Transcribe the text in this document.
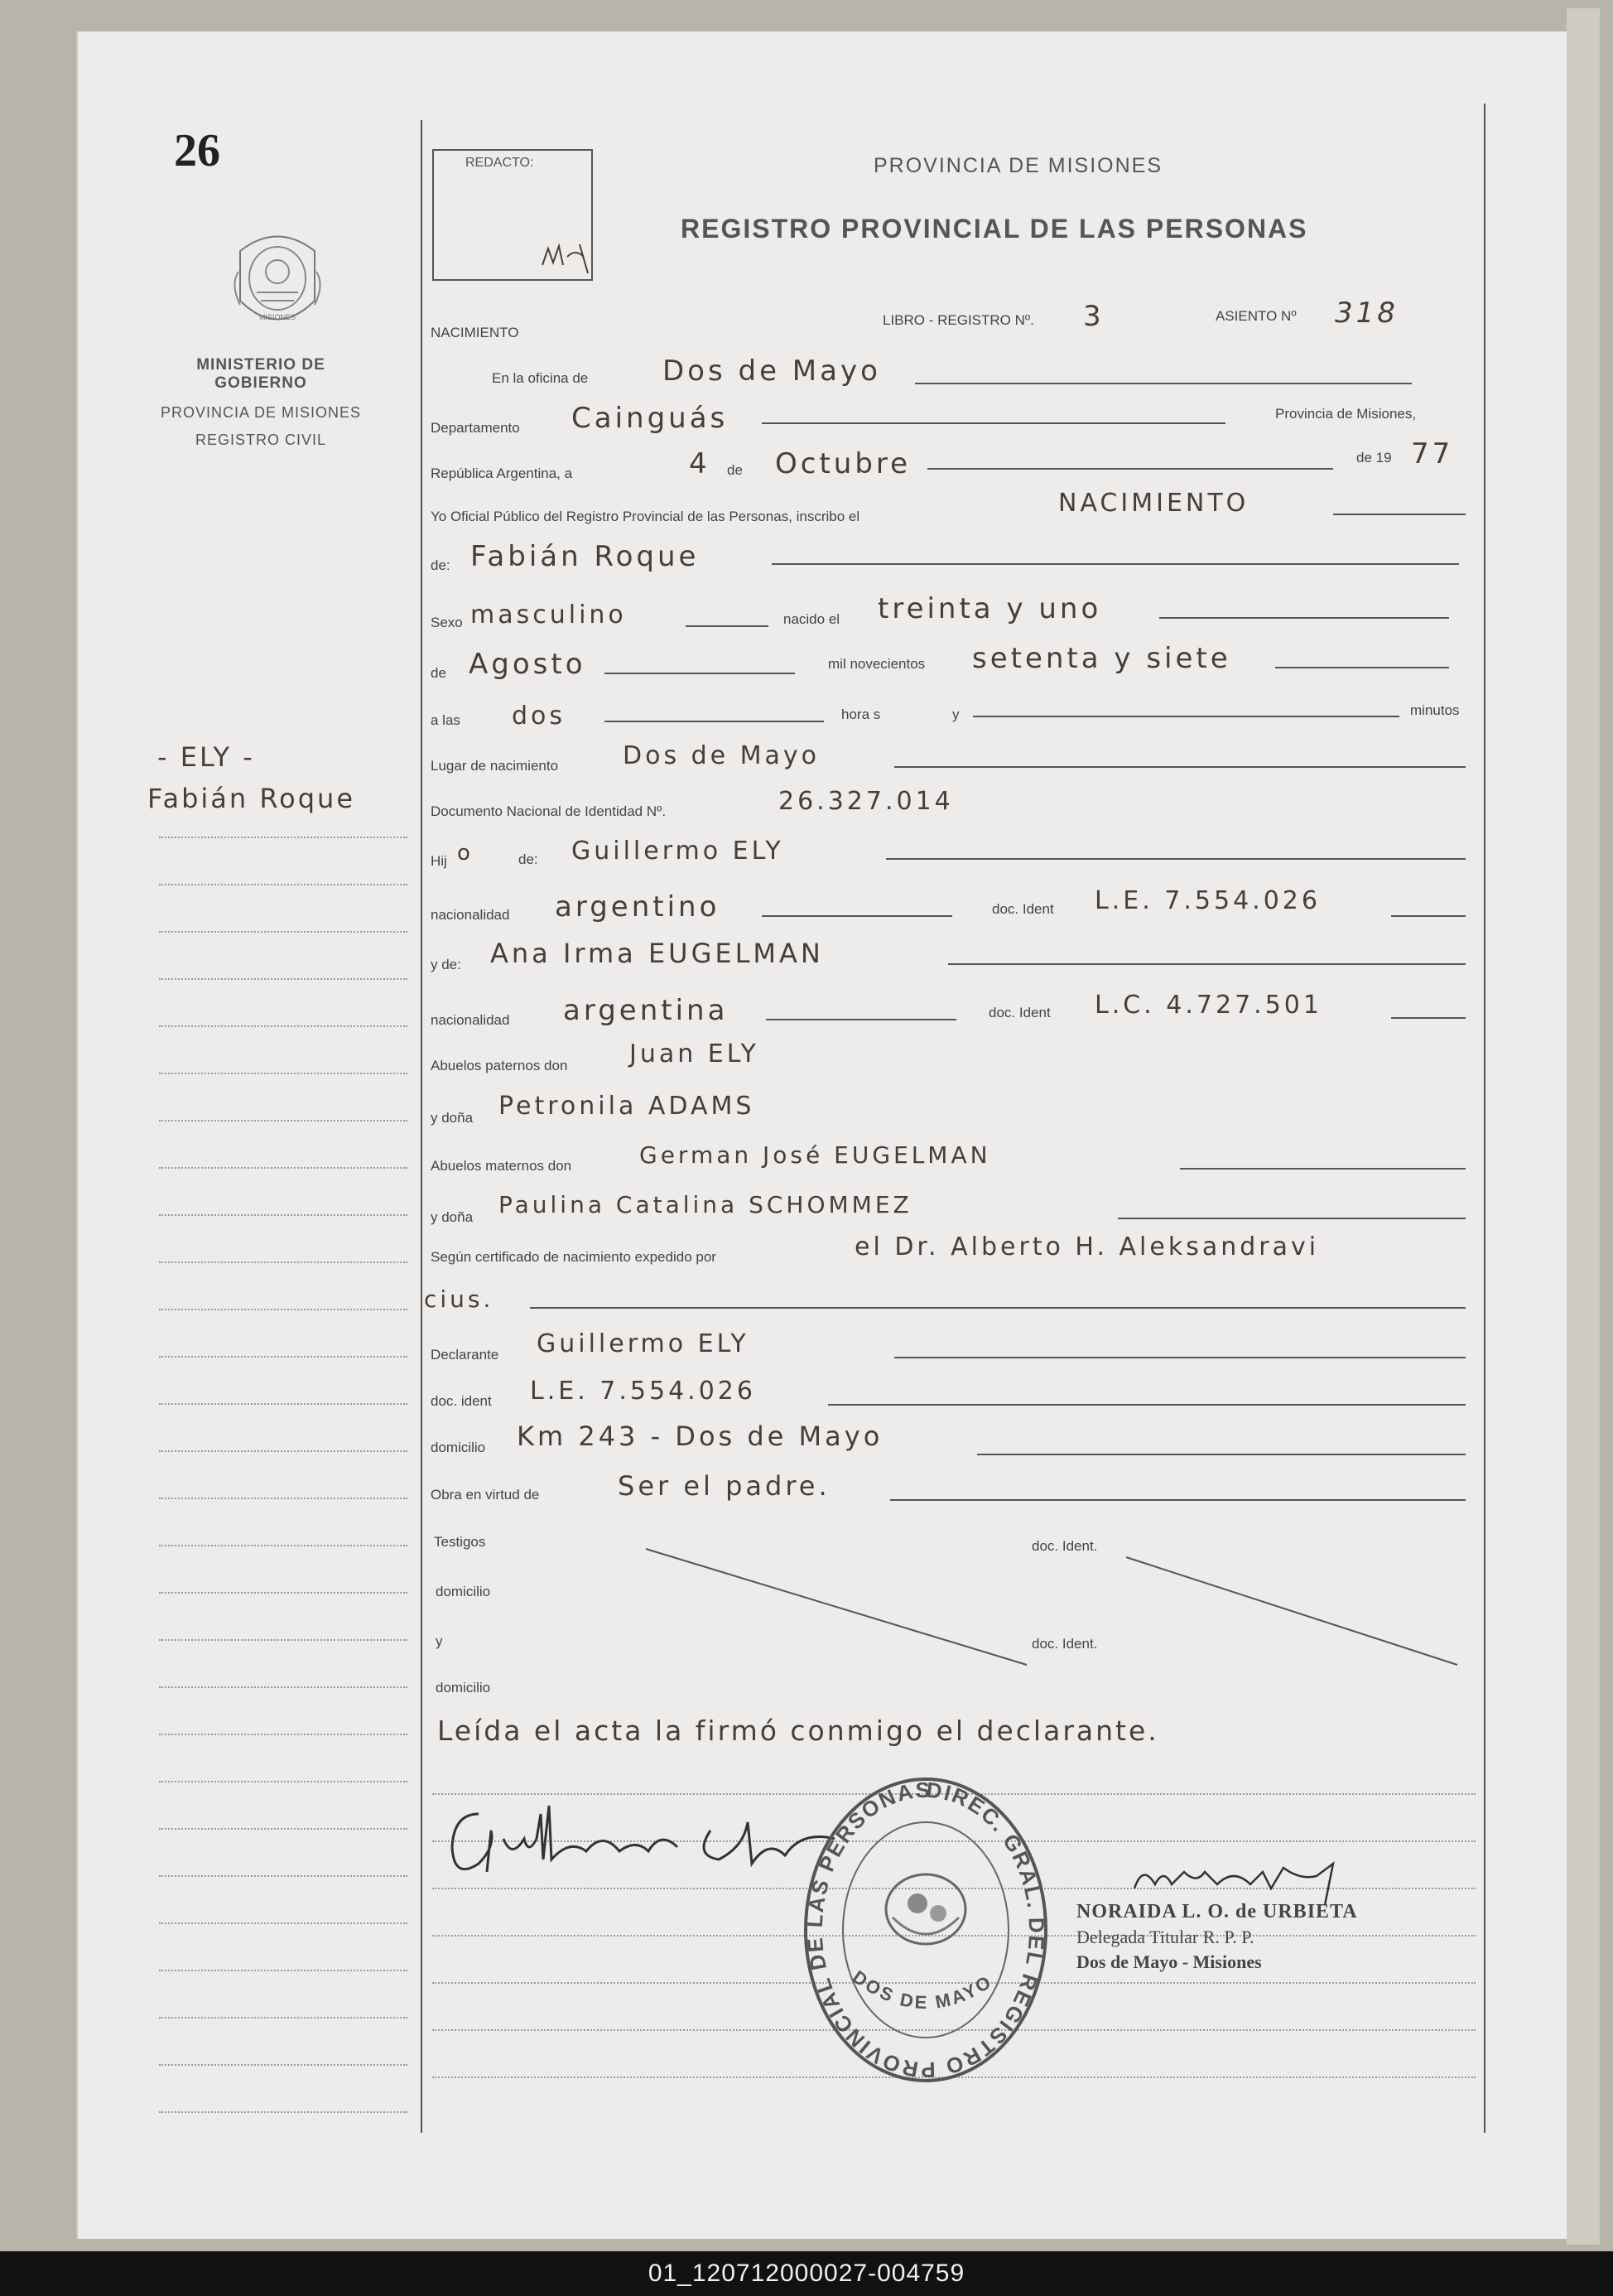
26
MISIONES
MINISTERIO DE GOBIERNO
PROVINCIA DE MISIONES
REGISTRO CIVIL
- ELY -
Fabián Roque
REDACTO:	PROVINCIA DE MISIONES
REGISTRO PROVINCIAL DE LAS PERSONAS
NACIMIENTO
LIBRO - REGISTRO Nº. 3	ASIENTO Nº 318
En la oficina de	Dos de Mayo
Departamento Cainguás	Provincia de Misiones,
República Argentina, a	4 de Octubre	de 19 77
Yo Oficial Público del Registro Provincial de las Personas, inscribo el	NACIMIENTO
de: Fabián Roque
Sexo masculino	nacido el treinta y uno
de Agosto	mil novecientos setenta y siete
a las dos	hora s	y	minutos
Lugar de nacimiento	Dos de Mayo
Documento Nacional de Identidad Nº.	26.327.014
Hij o	de: Guillermo ELY
nacionalidad argentino	doc. Ident L.E. 7.554.026
y de: Ana Irma EUGELMAN
nacionalidad argentina	doc. Ident L.C. 4.727.501
Abuelos paternos don Juan ELY
y doña Petronila ADAMS
Abuelos maternos don	German José EUGELMAN
y doña Paulina Catalina SCHOMMEZ
Según certificado de nacimiento expedido por	el Dr. Alberto H. Aleksandravi
cius.
Declarante Guillermo ELY
doc. ident L.E. 7.554.026
domicilio Km 243 - Dos de Mayo
Obra en virtud de	Ser el padre.
Testigos	doc. Ident.
domicilio
y	doc. Ident.
domicilio
Leída el acta la firmó conmigo el declarante.
Guillermo Ely	DIREC. GRAL. DEL REGISTRO PROVINCIAL DE LAS PERSONAS
DOS DE MAYO
NORAIDA L. O. de URBIETA
Delegada Titular R. P. P.
Dos de Mayo - Misiones
01_120712000027-004759
